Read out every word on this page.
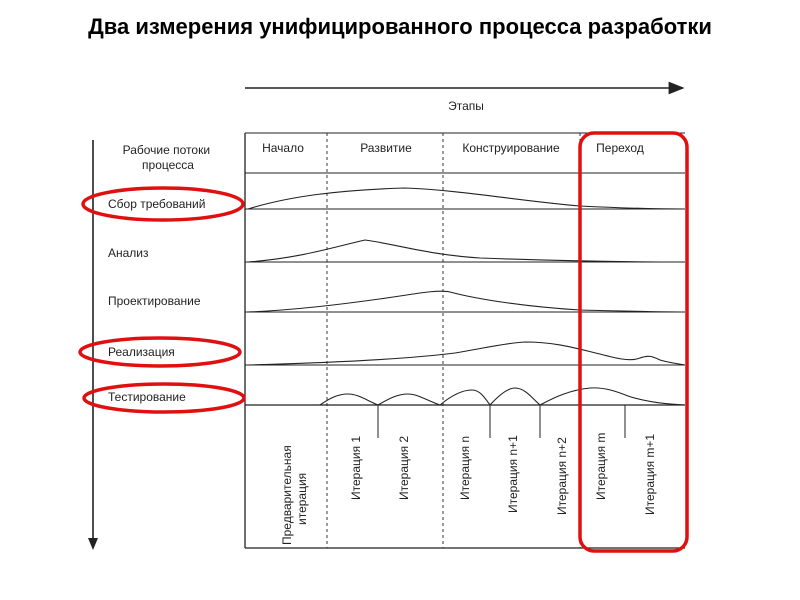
Два измерения унифицированного процесса разработки
Этапы
Рабочие потоки процесса
Начало	Развитие	Конструирование	Переход
Сбор требований
Анализ
Проектирование
Реализация
Тестирование
Предварительная итерация	Итерация 1	Итерация 2	Итерация n	Итерация n+1	Итерация n+2 Итерация m	Итерация m+1
